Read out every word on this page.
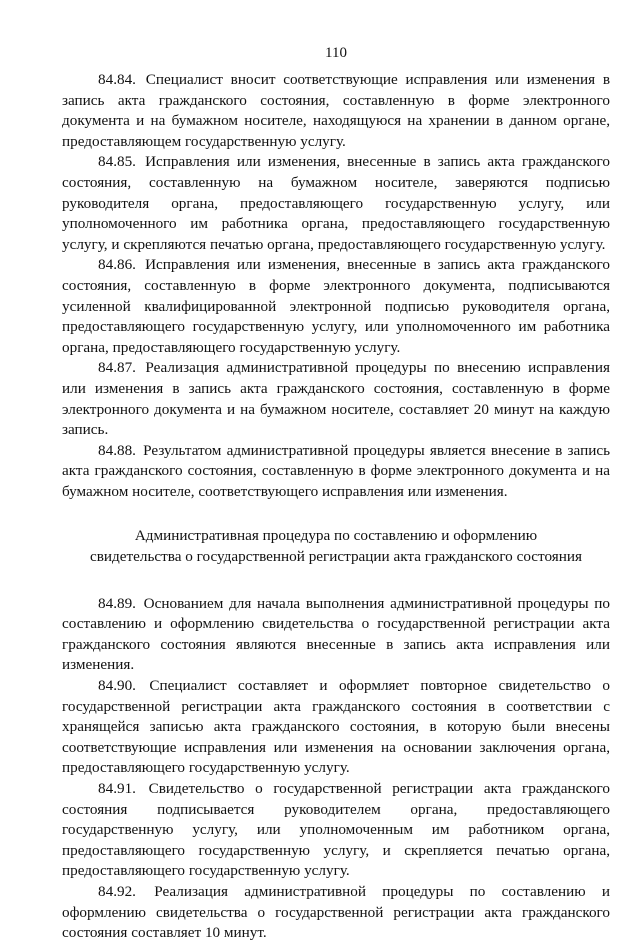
110

84.84. Специалист вносит соответствующие исправления или изменения в запись акта гражданского состояния, составленную в форме электронного документа и на бумажном носителе, находящуюся на хранении в данном органе, предоставляющем государственную услугу.

84.85. Исправления или изменения, внесенные в запись акта гражданского состояния, составленную на бумажном носителе, заверяются подписью руководителя органа, предоставляющего государственную услугу, или уполномоченного им работника органа, предоставляющего государственную услугу, и скрепляются печатью органа, предоставляющего государственную услугу.

84.86. Исправления или изменения, внесенные в запись акта гражданского состояния, составленную в форме электронного документа, подписываются усиленной квалифицированной электронной подписью руководителя органа, предоставляющего государственную услугу, или уполномоченного им работника органа, предоставляющего государственную услугу.

84.87. Реализация административной процедуры по внесению исправления или изменения в запись акта гражданского состояния, составленную в форме электронного документа и на бумажном носителе, составляет 20 минут на каждую запись.

84.88. Результатом административной процедуры является внесение в запись акта гражданского состояния, составленную в форме электронного документа и на бумажном носителе, соответствующего исправления или изменения.

Административная процедура по составлению и оформлению
свидетельства о государственной регистрации акта гражданского состояния

84.89. Основанием для начала выполнения административной процедуры по составлению и оформлению свидетельства о государственной регистрации акта гражданского состояния являются внесенные в запись акта исправления или изменения.

84.90. Специалист составляет и оформляет повторное свидетельство о государственной регистрации акта гражданского состояния в соответствии с хранящейся записью акта гражданского состояния, в которую были внесены соответствующие исправления или изменения на основании заключения органа, предоставляющего государственную услугу.

84.91. Свидетельство о государственной регистрации акта гражданского состояния подписывается руководителем органа, предоставляющего государственную услугу, или уполномоченным им работником органа, предоставляющего государственную услугу, и скрепляется печатью органа, предоставляющего государственную услугу.

84.92. Реализация административной процедуры по составлению и оформлению свидетельства о государственной регистрации акта гражданского состояния составляет 10 минут.
